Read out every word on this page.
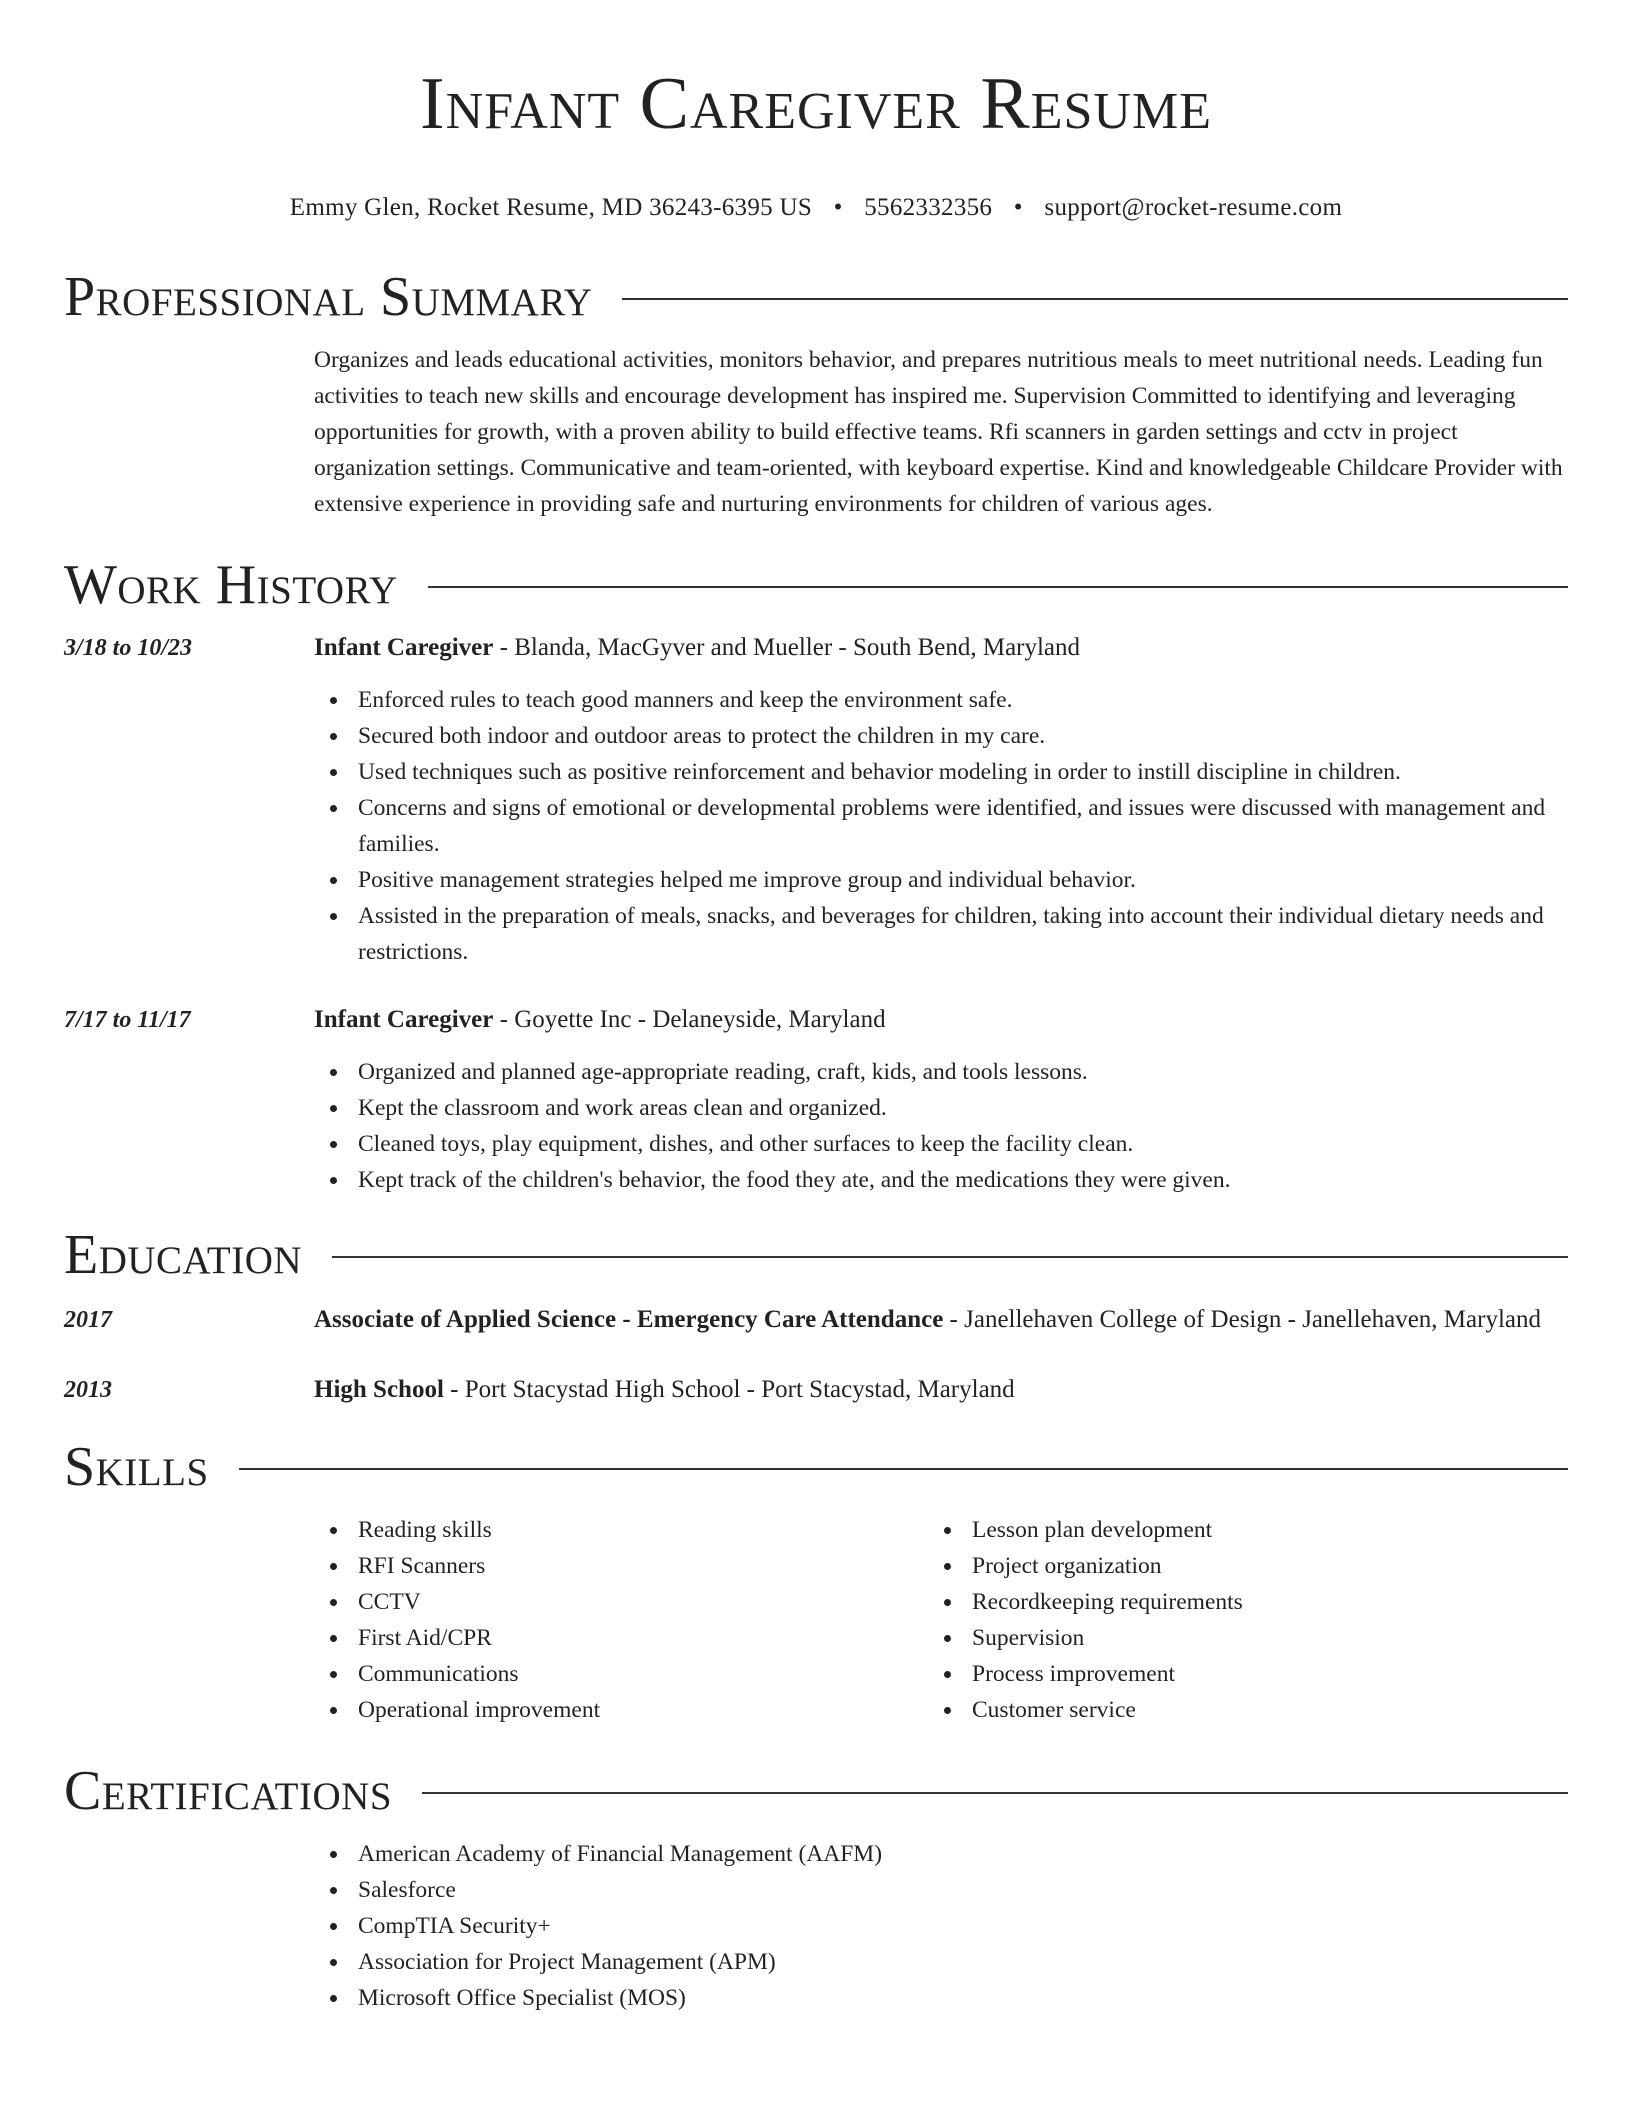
Infant Caregiver Resume
Emmy Glen, Rocket Resume, MD 36243-6395 US • 5562332356 • support@rocket-resume.com
Professional Summary
Organizes and leads educational activities, monitors behavior, and prepares nutritious meals to meet nutritional needs. Leading fun activities to teach new skills and encourage development has inspired me. Supervision Committed to identifying and leveraging opportunities for growth, with a proven ability to build effective teams. Rfi scanners in garden settings and cctv in project organization settings. Communicative and team-oriented, with keyboard expertise. Kind and knowledgeable Childcare Provider with extensive experience in providing safe and nurturing environments for children of various ages.
Work History
3/18 to 10/23	Infant Caregiver - Blanda, MacGyver and Mueller - South Bend, Maryland
Enforced rules to teach good manners and keep the environment safe.
Secured both indoor and outdoor areas to protect the children in my care.
Used techniques such as positive reinforcement and behavior modeling in order to instill discipline in children.
Concerns and signs of emotional or developmental problems were identified, and issues were discussed with management and families.
Positive management strategies helped me improve group and individual behavior.
Assisted in the preparation of meals, snacks, and beverages for children, taking into account their individual dietary needs and restrictions.
7/17 to 11/17	Infant Caregiver - Goyette Inc - Delaneyside, Maryland
Organized and planned age-appropriate reading, craft, kids, and tools lessons.
Kept the classroom and work areas clean and organized.
Cleaned toys, play equipment, dishes, and other surfaces to keep the facility clean.
Kept track of the children's behavior, the food they ate, and the medications they were given.
Education
2017	Associate of Applied Science - Emergency Care Attendance - Janellehaven College of Design - Janellehaven, Maryland
2013	High School - Port Stacystad High School - Port Stacystad, Maryland
Skills
Reading skills
RFI Scanners
CCTV
First Aid/CPR
Communications
Operational improvement
Lesson plan development
Project organization
Recordkeeping requirements
Supervision
Process improvement
Customer service
Certifications
American Academy of Financial Management (AAFM)
Salesforce
CompTIA Security+
Association for Project Management (APM)
Microsoft Office Specialist (MOS)
